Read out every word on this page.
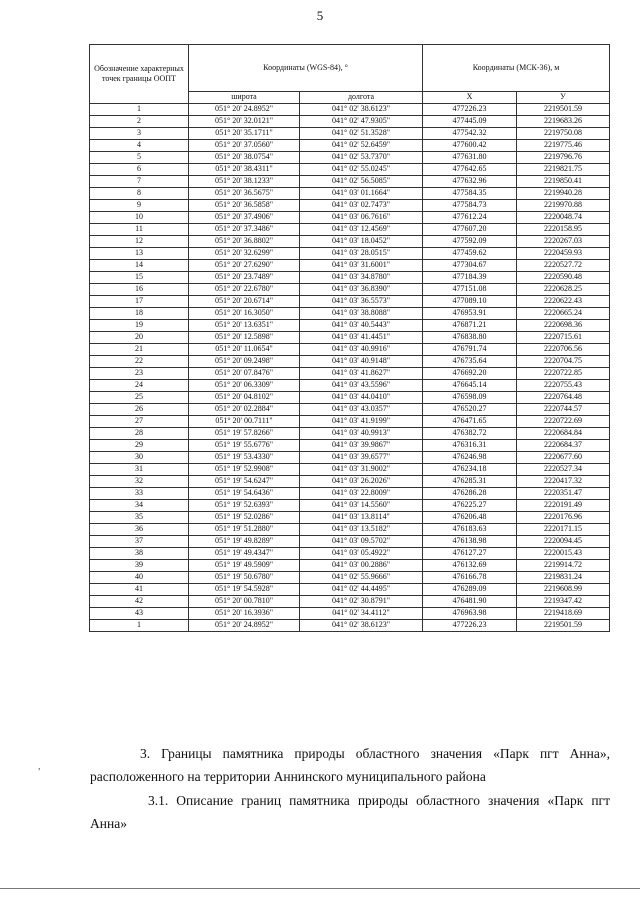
5
Обозначение характерных точек границы ООПТ	Координаты (WGS-84), °		Координаты (МСК-36), м	
	широта	долгота	X	У
1	051° 20' 24.8952"	041° 02' 38.6123"	477226.23	2219501.59
2	051° 20' 32.0121"	041° 02' 47.9305"	477445.09	2219683.26
3	051° 20' 35.1711"	041° 02' 51.3528"	477542.32	2219750.08
4	051° 20' 37.0560"	041° 02' 52.6459"	477600.42	2219775.46
5	051° 20' 38.0754"	041° 02' 53.7370"	477631.80	2219796.76
6	051° 20' 38.4311"	041° 02' 55.0245"	477642.65	2219821.75
7	051° 20' 38.1233"	041° 02' 56.5085"	477632.96	2219850.41
8	051° 20' 36.5675"	041° 03' 01.1664"	477584.35	2219940.28
9	051° 20' 36.5858"	041° 03' 02.7473"	477584.73	2219970.88
10	051° 20' 37.4906"	041° 03' 06.7616"	477612.24	2220048.74
11	051° 20' 37.3486"	041° 03' 12.4569"	477607.20	2220158.95
12	051° 20' 36.8802"	041° 03' 18.0452"	477592.09	2220267.03
13	051° 20' 32.6299"	041° 03' 28.0515"	477459.62	2220459.93
14	051° 20' 27.6290"	041° 03' 31.6001"	477304.67	2220527.72
15	051° 20' 23.7489"	041° 03' 34.8780"	477184.39	2220590.48
16	051° 20' 22.6780"	041° 03' 36.8390"	477151.08	2220628.25
17	051° 20' 20.6714"	041° 03' 36.5573"	477089.10	2220622.43
18	051° 20' 16.3050"	041° 03' 38.8088"	476953.91	2220665.24
19	051° 20' 13.6351"	041° 03' 40.5443"	476871.21	2220698.36
20	051° 20' 12.5898"	041° 03' 41.4451"	476838.80	2220715.61
21	051° 20' 11.0654"	041° 03' 40.9916"	476791.74	2220706.56
22	051° 20' 09.2498"	041° 03' 40.9148"	476735.64	2220704.75
23	051° 20' 07.8476"	041° 03' 41.8627"	476692.20	2220722.85
24	051° 20' 06.3309"	041° 03' 43.5596"	476645.14	2220755.43
25	051° 20' 04.8102"	041° 03' 44.0410"	476598.09	2220764.48
26	051° 20' 02.2884"	041° 03' 43.0357"	476520.27	2220744.57
27	051° 20' 00.7111"	041° 03' 41.9199"	476471.65	2220722.69
28	051° 19' 57.8266"	041° 03' 40.9913"	476382.72	2220684.84
29	051° 19' 55.6776"	041° 03' 39.9867"	476316.31	2220684.37
30	051° 19' 53.4330"	041° 03' 39.6577"	476246.98	2220677.60
31	051° 19' 52.9908"	041° 03' 31.9002"	476234.18	2220527.34
32	051° 19' 54.6247"	041° 03' 26.2026"	476285.31	2220417.32
33	051° 19' 54.6436"	041° 03' 22.8009"	476286.28	2220351.47
34	051° 19' 52.6393"	041° 03' 14.5560"	476225.27	2220191.49
35	051° 19' 52.0286"	041° 03' 13.8114"	476206.48	2220176.96
36	051° 19' 51.2880"	041° 03' 13.5182"	476183.63	2220171.15
37	051° 19' 49.8289"	041° 03' 09.5702"	476138.98	2220094.45
38	051° 19' 49.4347"	041° 03' 05.4922"	476127.27	2220015.43
39	051° 19' 49.5909"	041° 03' 00.2886"	476132.69	2219914.72
40	051° 19' 50.6780"	041° 02' 55.9666"	476166.78	2219831.24
41	051° 19' 54.5928"	041° 02' 44.4495"	476289.09	2219608.99
42	051° 20' 00.7810"	041° 02' 30.8791"	476481.90	2219347.42
43	051° 20' 16.3936"	041° 02' 34.4112"	476963.98	2219418.69
1	051° 20' 24.8952"	041° 02' 38.6123"	477226.23	2219501.59
,
3. Границы памятника природы областного значения «Парк пгт Анна», расположенного на территории Аннинского муниципального района
3.1. Описание границ памятника природы областного значения «Парк пгт Анна»
